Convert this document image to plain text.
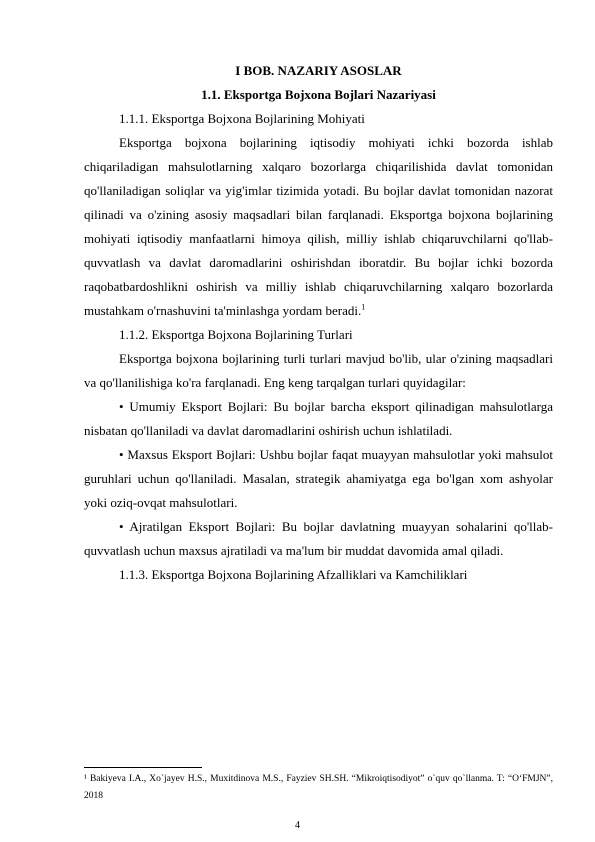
I BOB. NAZARIY ASOSLAR
1.1. Eksportga Bojxona Bojlari Nazariyasi

1.1.1. Eksportga Bojxona Bojlarining Mohiyati

Eksportga bojxona bojlarining iqtisodiy mohiyati ichki bozorda ishlab chiqariladigan mahsulotlarning xalqaro bozorlarga chiqarilishida davlat tomonidan qo'llaniladigan soliqlar va yig'imlar tizimida yotadi. Bu bojlar davlat tomonidan nazorat qilinadi va o'zining asosiy maqsadlari bilan farqlanadi. Eksportga bojxona bojlarining mohiyati iqtisodiy manfaatlarni himoya qilish, milliy ishlab chiqaruvchilarni qo'llab-quvvatlash va davlat daromadlarini oshirishdan iboratdir. Bu bojlar ichki bozorda raqobatbardoshlikni oshirish va milliy ishlab chiqaruvchilarning xalqaro bozorlarda mustahkam o'rnashuvini ta'minlashga yordam beradi.$^1$

1.1.2. Eksportga Bojxona Bojlarining Turlari

Eksportga bojxona bojlarining turli turlari mavjud bo'lib, ular o'zining maqsadlari va qo'llanilishiga ko'ra farqlanadi. Eng keng tarqalgan turlari quyidagilar:

• Umumiy Eksport Bojlari: Bu bojlar barcha eksport qilinadigan mahsulotlarga nisbatan qo'llaniladi va davlat daromadlarini oshirish uchun ishlatiladi.

• Maxsus Eksport Bojlari: Ushbu bojlar faqat muayyan mahsulotlar yoki mahsulot guruhlari uchun qo'llaniladi. Masalan, strategik ahamiyatga ega bo'lgan xom ashyolar yoki oziq-ovqat mahsulotlari.

• Ajratilgan Eksport Bojlari: Bu bojlar davlatning muayyan sohalarini qo'llab-quvvatlash uchun maxsus ajratiladi va ma'lum bir muddat davomida amal qiladi.

1.1.3. Eksportga Bojxona Bojlarining Afzalliklari va Kamchiliklari

¹ Bakiyeva I.A., Xo`jayev H.S., Muxitdinova M.S., Fayziev SH.SH. “Mikroiqtisodiyot” o`quv qo`llanma. T: “O‘FMJN”, 2018
4
